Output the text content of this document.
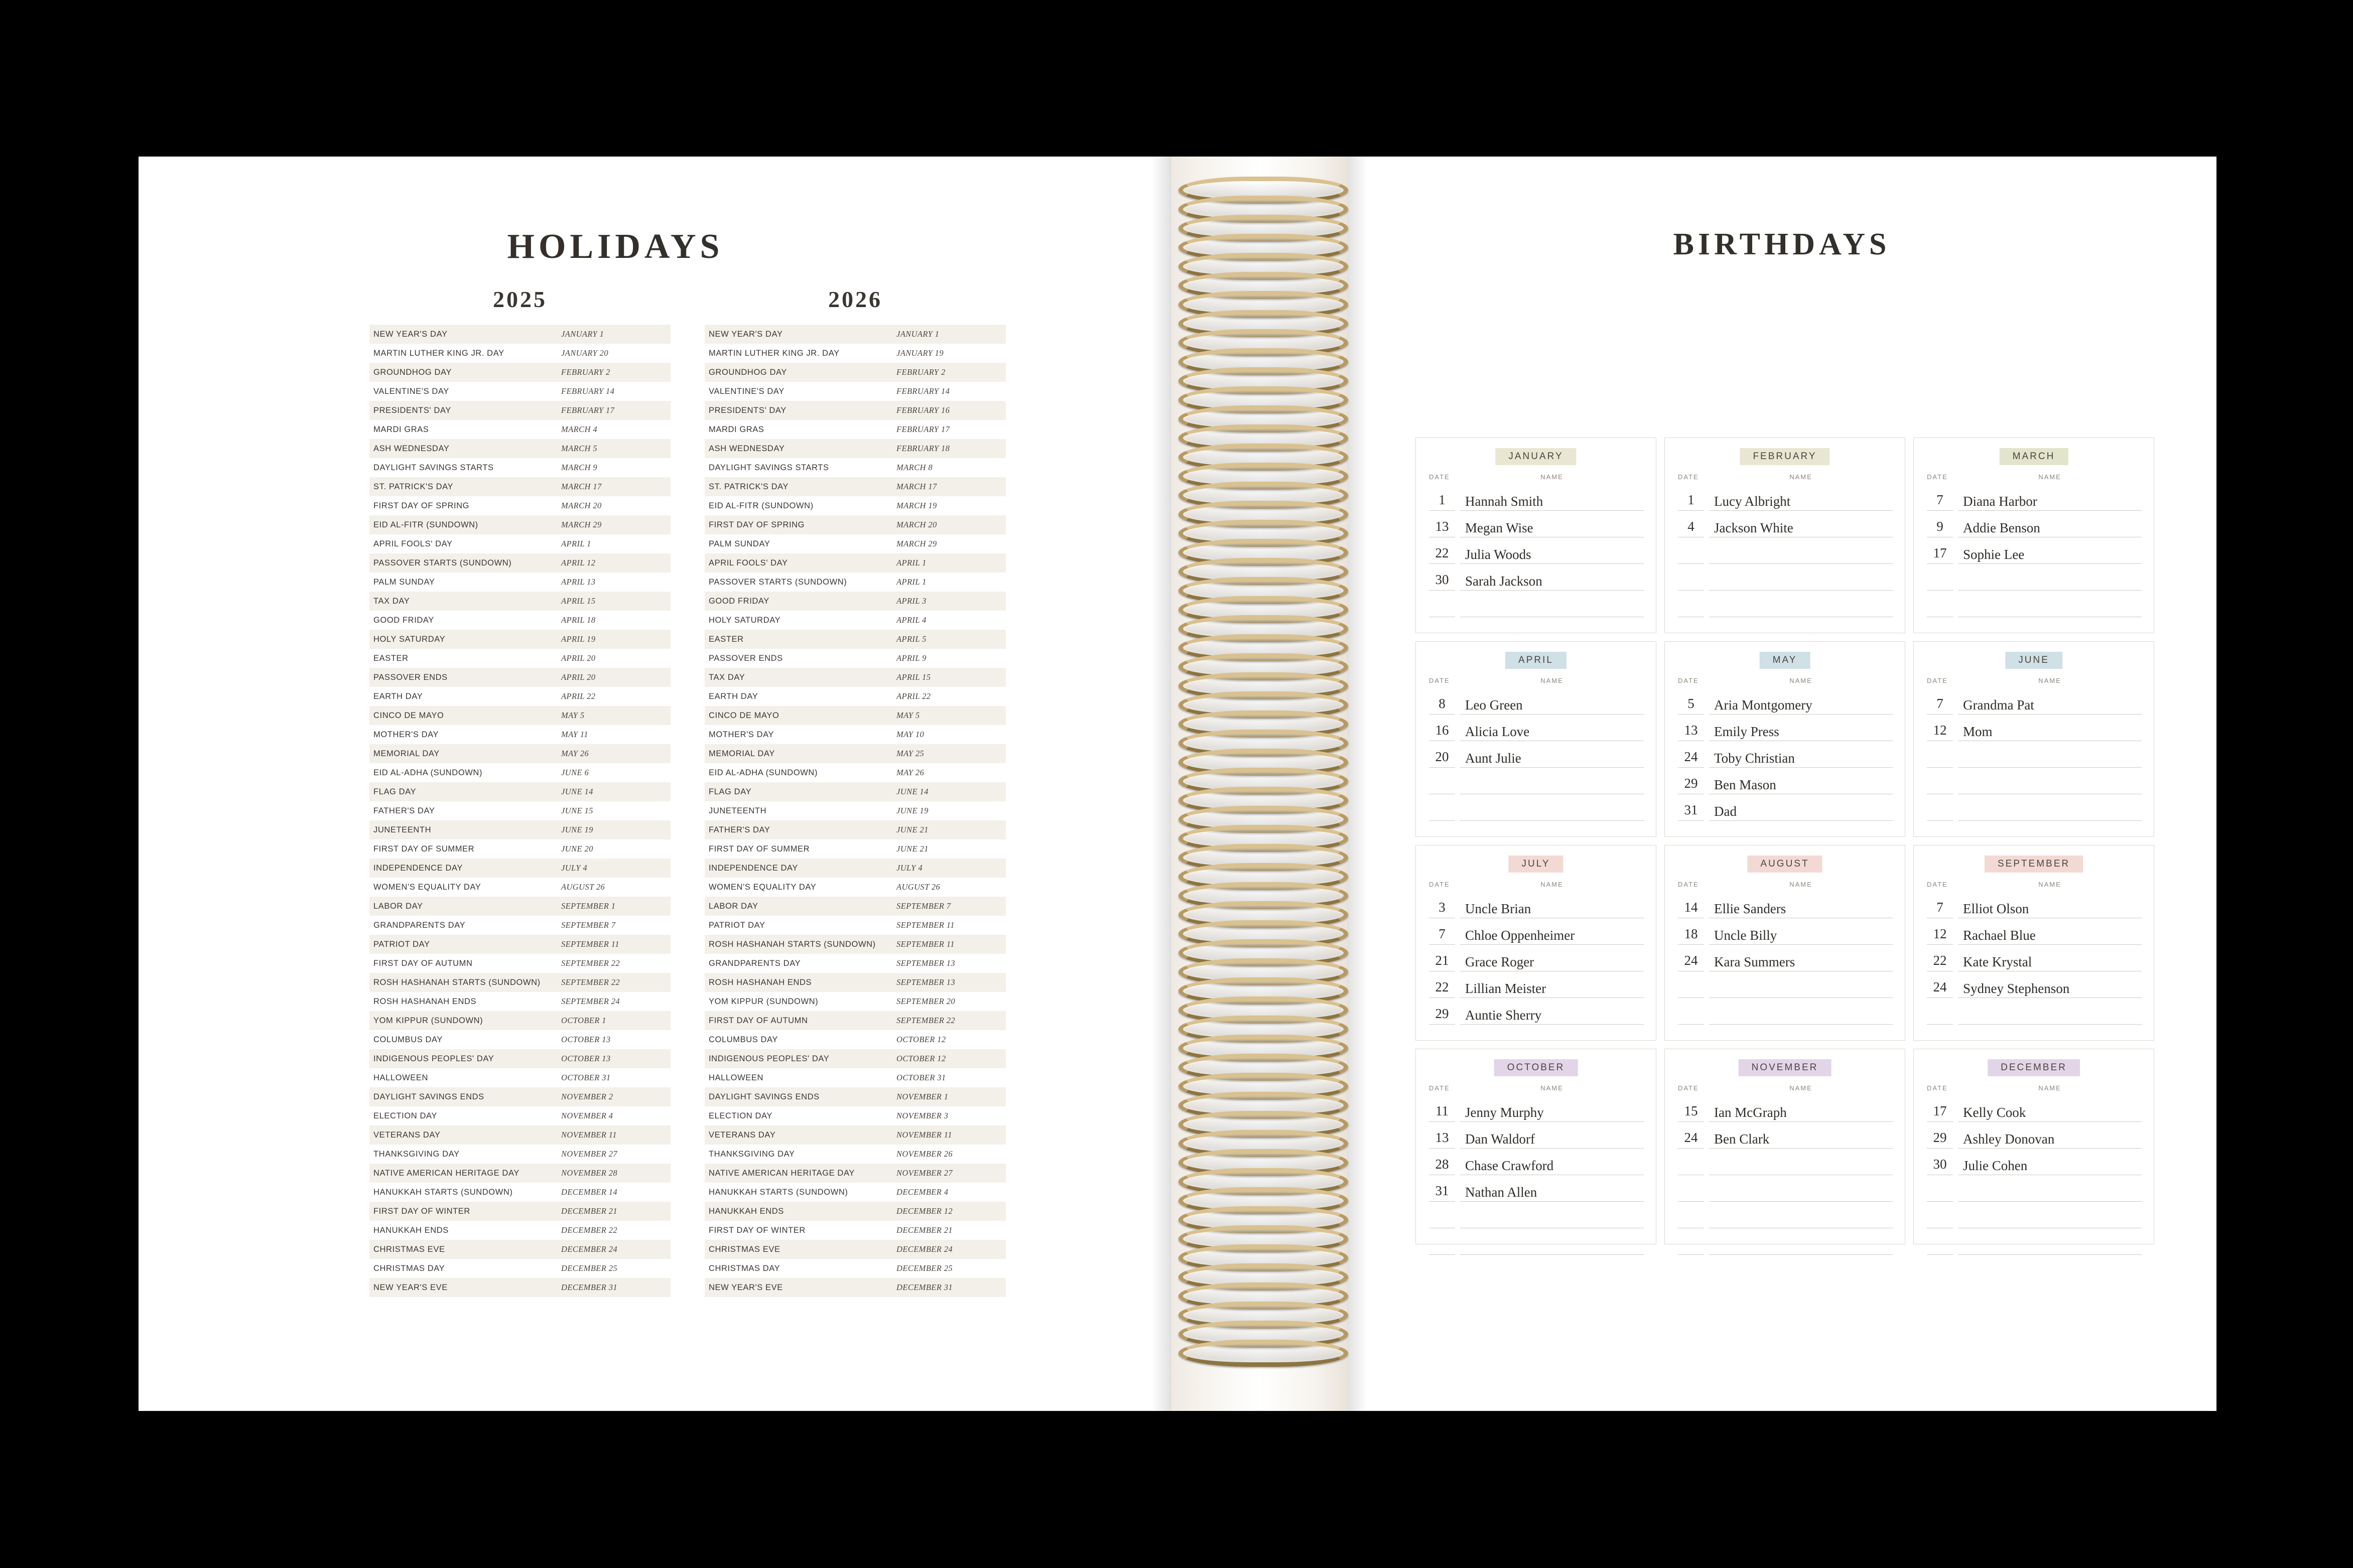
HOLIDAYS
2025
NEW YEAR'S DAY	JANUARY 1
MARTIN LUTHER KING JR. DAY	JANUARY 20
GROUNDHOG DAY	FEBRUARY 2
VALENTINE'S DAY	FEBRUARY 14
PRESIDENTS' DAY	FEBRUARY 17
MARDI GRAS	MARCH 4
ASH WEDNESDAY	MARCH 5
DAYLIGHT SAVINGS STARTS	MARCH 9
ST. PATRICK'S DAY	MARCH 17
FIRST DAY OF SPRING	MARCH 20
EID AL-FITR (SUNDOWN)	MARCH 29
APRIL FOOLS' DAY	APRIL 1
PASSOVER STARTS (SUNDOWN)	APRIL 12
PALM SUNDAY	APRIL 13
TAX DAY	APRIL 15
GOOD FRIDAY	APRIL 18
HOLY SATURDAY	APRIL 19
EASTER	APRIL 20
PASSOVER ENDS	APRIL 20
EARTH DAY	APRIL 22
CINCO DE MAYO	MAY 5
MOTHER'S DAY	MAY 11
MEMORIAL DAY	MAY 26
EID AL-ADHA (SUNDOWN)	JUNE 6
FLAG DAY	JUNE 14
FATHER'S DAY	JUNE 15
JUNETEENTH	JUNE 19
FIRST DAY OF SUMMER	JUNE 20
INDEPENDENCE DAY	JULY 4
WOMEN'S EQUALITY DAY	AUGUST 26
LABOR DAY	SEPTEMBER 1
GRANDPARENTS DAY	SEPTEMBER 7
PATRIOT DAY	SEPTEMBER 11
FIRST DAY OF AUTUMN	SEPTEMBER 22
ROSH HASHANAH STARTS (SUNDOWN)	SEPTEMBER 22
ROSH HASHANAH ENDS	SEPTEMBER 24
YOM KIPPUR (SUNDOWN)	OCTOBER 1
COLUMBUS DAY	OCTOBER 13
INDIGENOUS PEOPLES' DAY	OCTOBER 13
HALLOWEEN	OCTOBER 31
DAYLIGHT SAVINGS ENDS	NOVEMBER 2
ELECTION DAY	NOVEMBER 4
VETERANS DAY	NOVEMBER 11
THANKSGIVING DAY	NOVEMBER 27
NATIVE AMERICAN HERITAGE DAY	NOVEMBER 28
HANUKKAH STARTS (SUNDOWN)	DECEMBER 14
FIRST DAY OF WINTER	DECEMBER 21
HANUKKAH ENDS	DECEMBER 22
CHRISTMAS EVE	DECEMBER 24
CHRISTMAS DAY	DECEMBER 25
NEW YEAR'S EVE	DECEMBER 31
2026
NEW YEAR'S DAY	JANUARY 1
MARTIN LUTHER KING JR. DAY	JANUARY 19
GROUNDHOG DAY	FEBRUARY 2
VALENTINE'S DAY	FEBRUARY 14
PRESIDENTS' DAY	FEBRUARY 16
MARDI GRAS	FEBRUARY 17
ASH WEDNESDAY	FEBRUARY 18
DAYLIGHT SAVINGS STARTS	MARCH 8
ST. PATRICK'S DAY	MARCH 17
EID AL-FITR (SUNDOWN)	MARCH 19
FIRST DAY OF SPRING	MARCH 20
PALM SUNDAY	MARCH 29
APRIL FOOLS' DAY	APRIL 1
PASSOVER STARTS (SUNDOWN)	APRIL 1
GOOD FRIDAY	APRIL 3
HOLY SATURDAY	APRIL 4
EASTER	APRIL 5
PASSOVER ENDS	APRIL 9
TAX DAY	APRIL 15
EARTH DAY	APRIL 22
CINCO DE MAYO	MAY 5
MOTHER'S DAY	MAY 10
MEMORIAL DAY	MAY 25
EID AL-ADHA (SUNDOWN)	MAY 26
FLAG DAY	JUNE 14
JUNETEENTH	JUNE 19
FATHER'S DAY	JUNE 21
FIRST DAY OF SUMMER	JUNE 21
INDEPENDENCE DAY	JULY 4
WOMEN'S EQUALITY DAY	AUGUST 26
LABOR DAY	SEPTEMBER 7
PATRIOT DAY	SEPTEMBER 11
ROSH HASHANAH STARTS (SUNDOWN)	SEPTEMBER 11
GRANDPARENTS DAY	SEPTEMBER 13
ROSH HASHANAH ENDS	SEPTEMBER 13
YOM KIPPUR (SUNDOWN)	SEPTEMBER 20
FIRST DAY OF AUTUMN	SEPTEMBER 22
COLUMBUS DAY	OCTOBER 12
INDIGENOUS PEOPLES' DAY	OCTOBER 12
HALLOWEEN	OCTOBER 31
DAYLIGHT SAVINGS ENDS	NOVEMBER 1
ELECTION DAY	NOVEMBER 3
VETERANS DAY	NOVEMBER 11
THANKSGIVING DAY	NOVEMBER 26
NATIVE AMERICAN HERITAGE DAY	NOVEMBER 27
HANUKKAH STARTS (SUNDOWN)	DECEMBER 4
HANUKKAH ENDS	DECEMBER 12
FIRST DAY OF WINTER	DECEMBER 21
CHRISTMAS EVE	DECEMBER 24
CHRISTMAS DAY	DECEMBER 25
NEW YEAR'S EVE	DECEMBER 31
BIRTHDAYS
JANUARY
DATE	NAME
1	Hannah Smith
13	Megan Wise
22	Julia Woods
30	Sarah Jackson
FEBRUARY
DATE	NAME
1	Lucy Albright
4	Jackson White
MARCH
DATE	NAME
7	Diana Harbor
9	Addie Benson
17	Sophie Lee
APRIL
DATE	NAME
8	Leo Green
16	Alicia Love
20	Aunt Julie
MAY
DATE	NAME
5	Aria Montgomery
13	Emily Press
24	Toby Christian
29	Ben Mason
31	Dad
JUNE
DATE	NAME
7	Grandma Pat
12	Mom
JULY
DATE	NAME
3	Uncle Brian
7	Chloe Oppenheimer
21	Grace Roger
22	Lillian Meister
29	Auntie Sherry
AUGUST
DATE	NAME
14	Ellie Sanders
18	Uncle Billy
24	Kara Summers
SEPTEMBER
DATE	NAME
7	Elliot Olson
12	Rachael Blue
22	Kate Krystal
24	Sydney Stephenson
OCTOBER
DATE	NAME
11	Jenny Murphy
13	Dan Waldorf
28	Chase Crawford
31	Nathan Allen
NOVEMBER
DATE	NAME
15	Ian McGraph
24	Ben Clark
DECEMBER
DATE	NAME
17	Kelly Cook
29	Ashley Donovan
30	Julie Cohen
